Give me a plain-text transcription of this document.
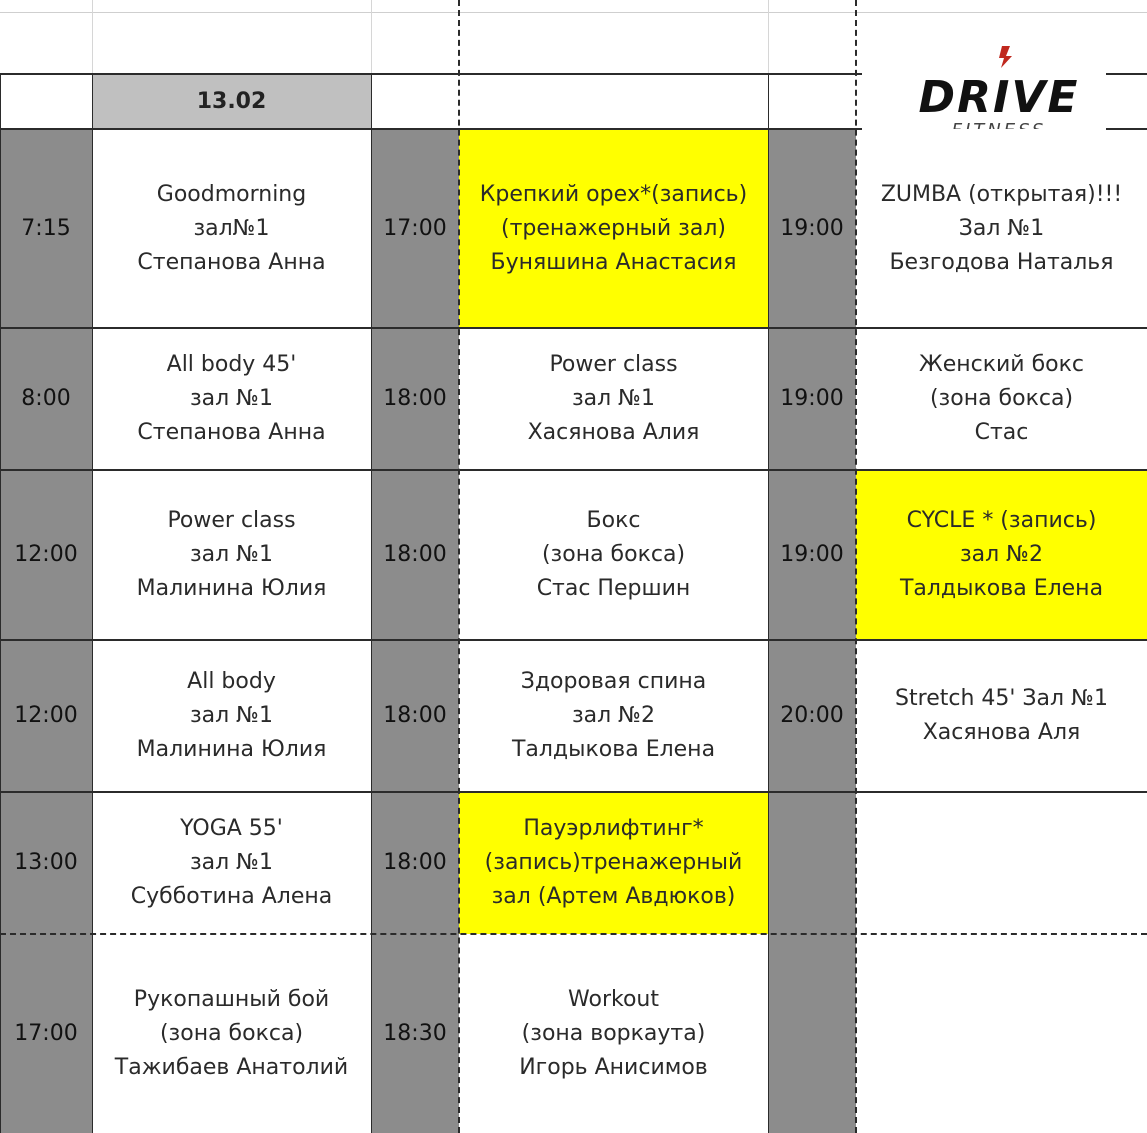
13.02	DRIVE
7:15
Goodmorning
зал№1
Степанова Анна
8:00
All body 45'
зал №1
Степанова Анна
12:00
Power class
зал №1
Малинина Юлия
12:00
All body
зал №1
Малинина Юлия
13:00
YOGA 55'
зал №1
Субботина Алена
17:00
Рукопашный бой
(зона бокса)
Тажибаев Анатолий
17:00
Крепкий орех*(запись)
(тренажерный зал)
Буняшина Анастасия
18:00
Power class
зал №1
Хасянова Алия
18:00
Бокс
(зона бокса)
Стас Першин
18:00
Здоровая спина
зал №2
Талдыкова Елена
18:00
Пауэрлифтинг*
(запись)тренажерный
зал (Артем Авдюков)
18:30
Workout
(зона воркаута)
Игорь Анисимов
19:00
ZUMBA (открытая)!!!
Зал №1
Безгодова Наталья
19:00
Женский бокс
(зона бокса)
Стас
19:00
CYCLE * (запись)
зал №2
Талдыкова Елена
20:00
Stretch 45' Зал №1
Хасянова Аля
